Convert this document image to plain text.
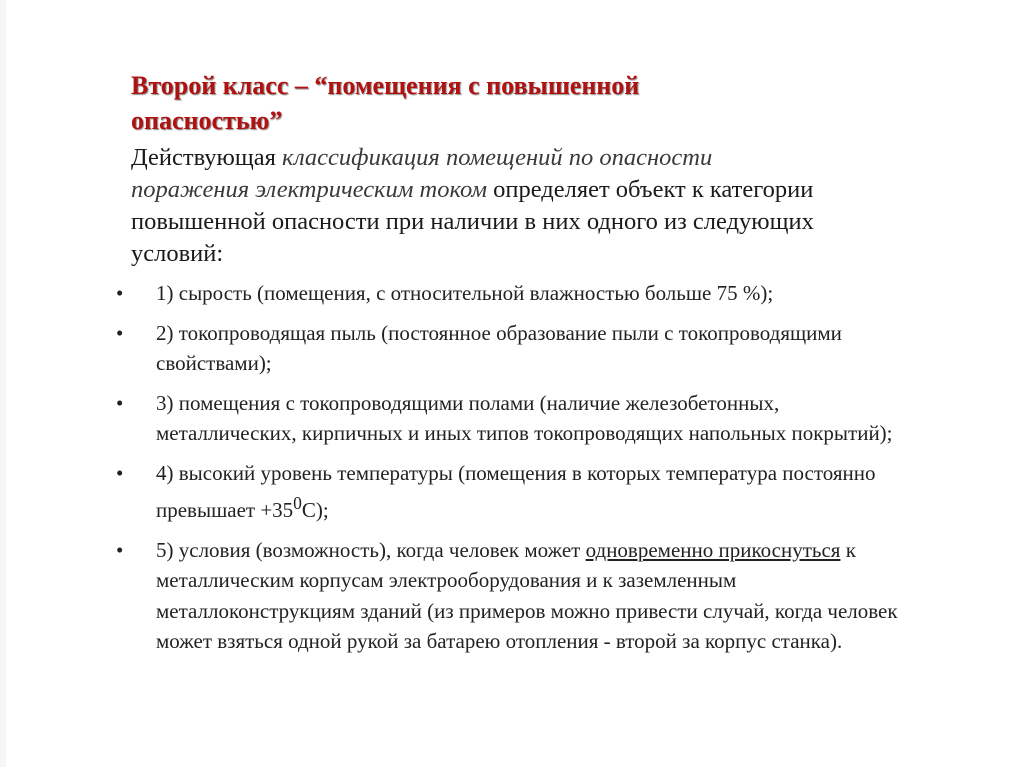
Второй класс – “помещения с повышенной
опасностью”

Действующая классификация помещений по опасности
поражения электрическим током определяет объект к категории повышенной опасности при наличии в них одного из следующих условий:

• 1) сырость (помещения, с относительной влажностью больше 75 %);
• 2) токопроводящая пыль (постоянное образование пыли с токопроводящими свойствами);
• 3) помещения с токопроводящими полами (наличие железобетонных, металлических, кирпичных и иных типов токопроводящих напольных покрытий);
• 4) высокий уровень температуры (помещения в которых температура постоянно превышает $+35^0С$);
• 5) условия (возможность), когда человек может одновременно прикоснуться к металлическим корпусам электрооборудования и к заземленным металлоконструкциям зданий (из примеров можно привести случай, когда человек может взяться одной рукой за батарею отопления - второй за корпус станка).
